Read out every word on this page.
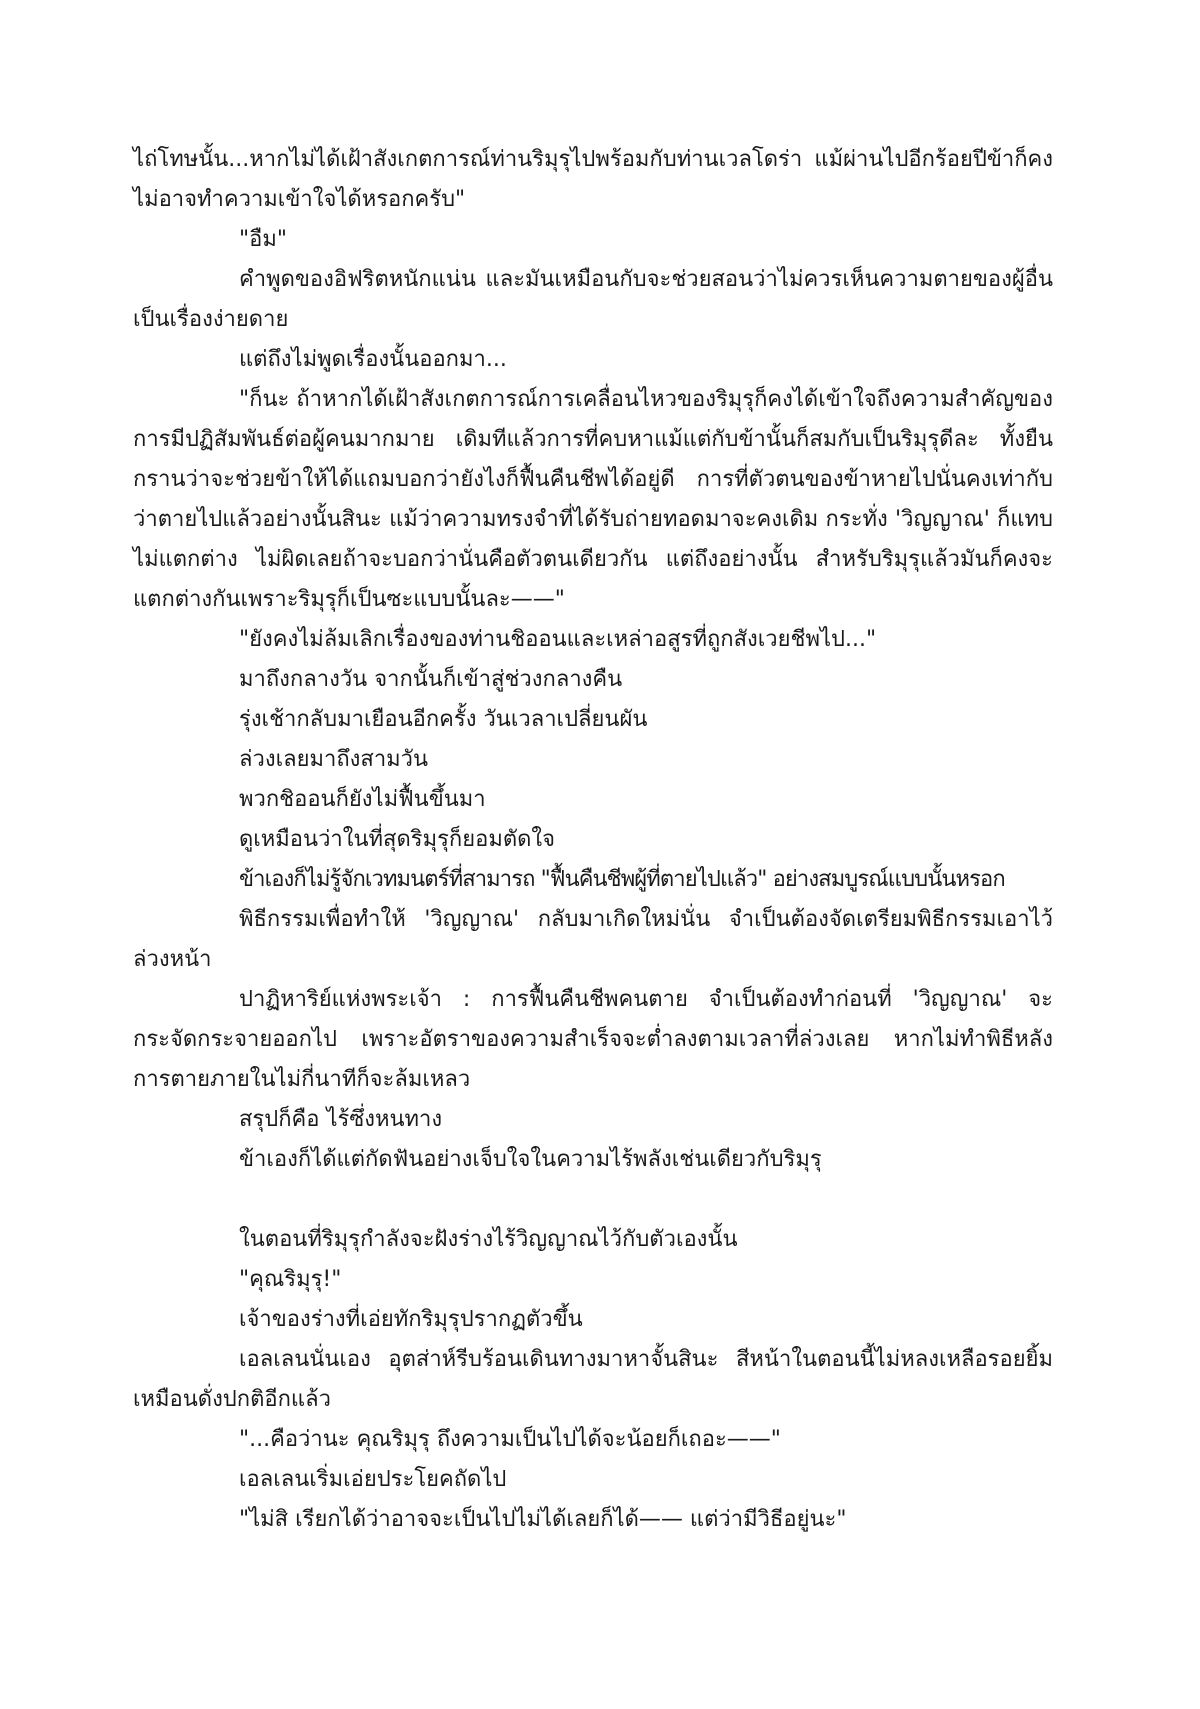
ไถ่โทษนั้น...หากไม่ได้เฝ้าสังเกตการณ์ท่านริมุรุไปพร้อมกับท่านเวลโดร่า แม้ผ่านไปอีกร้อยปีข้าก็คงไม่อาจทำความเข้าใจได้หรอกครับ"

"อืม"

คำพูดของอิฟริตหนักแน่น และมันเหมือนกับจะช่วยสอนว่าไม่ควรเห็นความตายของผู้อื่นเป็นเรื่องง่ายดาย

แต่ถึงไม่พูดเรื่องนั้นออกมา...

"ก็นะ ถ้าหากได้เฝ้าสังเกตการณ์การเคลื่อนไหวของริมุรุก็คงได้เข้าใจถึงความสำคัญของการมีปฏิสัมพันธ์ต่อผู้คนมากมาย เดิมทีแล้วการที่คบหาแม้แต่กับข้านั้นก็สมกับเป็นริมุรุดีละ ทั้งยืนกรานว่าจะช่วยข้าให้ได้แถมบอกว่ายังไงก็ฟื้นคืนชีพได้อยู่ดี การที่ตัวตนของข้าหายไปนั่นคงเท่ากับว่าตายไปแล้วอย่างนั้นสินะ แม้ว่าความทรงจำที่ได้รับถ่ายทอดมาจะคงเดิม กระทั่ง 'วิญญาณ' ก็แทบไม่แตกต่าง ไม่ผิดเลยถ้าจะบอกว่านั่นคือตัวตนเดียวกัน แต่ถึงอย่างนั้น สำหรับริมุรุแล้วมันก็คงจะแตกต่างกันเพราะริมุรุก็เป็นซะแบบนั้นละ——"

"ยังคงไม่ล้มเลิกเรื่องของท่านชิออนและเหล่าอสูรที่ถูกสังเวยชีพไป..."

มาถึงกลางวัน จากนั้นก็เข้าสู่ช่วงกลางคืน

รุ่งเช้ากลับมาเยือนอีกครั้ง วันเวลาเปลี่ยนผัน

ล่วงเลยมาถึงสามวัน

พวกชิออนก็ยังไม่ฟื้นขึ้นมา

ดูเหมือนว่าในที่สุดริมุรุก็ยอมตัดใจ

ข้าเองก็ไม่รู้จักเวทมนตร์ที่สามารถ "ฟื้นคืนชีพผู้ที่ตายไปแล้ว" อย่างสมบูรณ์แบบนั้นหรอก

พิธีกรรมเพื่อทำให้ 'วิญญาณ' กลับมาเกิดใหม่นั่น จำเป็นต้องจัดเตรียมพิธีกรรมเอาไว้ล่วงหน้า

ปาฏิหาริย์แห่งพระเจ้า : การฟื้นคืนชีพคนตาย จำเป็นต้องทำก่อนที่ 'วิญญาณ' จะกระจัดกระจายออกไป เพราะอัตราของความสำเร็จจะต่ำลงตามเวลาที่ล่วงเลย หากไม่ทำพิธีหลังการตายภายในไม่กี่นาทีก็จะล้มเหลว

สรุปก็คือ ไร้ซึ่งหนทาง

ข้าเองก็ได้แต่กัดฟันอย่างเจ็บใจในความไร้พลังเช่นเดียวกับริมุรุ

ในตอนที่ริมุรุกำลังจะฝังร่างไร้วิญญาณไว้กับตัวเองนั้น

"คุณริมุรุ!"

เจ้าของร่างที่เอ่ยทักริมุรุปรากฏตัวขึ้น

เอลเลนนั่นเอง อุตส่าห์รีบร้อนเดินทางมาหาจั้นสินะ สีหน้าในตอนนี้ไม่หลงเหลือรอยยิ้มเหมือนดั่งปกติอีกแล้ว

"...คือว่านะ คุณริมุรุ ถึงความเป็นไปได้จะน้อยก็เถอะ——"

เอลเลนเริ่มเอ่ยประโยคถัดไป

"ไม่สิ เรียกได้ว่าอาจจะเป็นไปไม่ได้เลยก็ได้—— แต่ว่ามีวิธีอยู่นะ"
